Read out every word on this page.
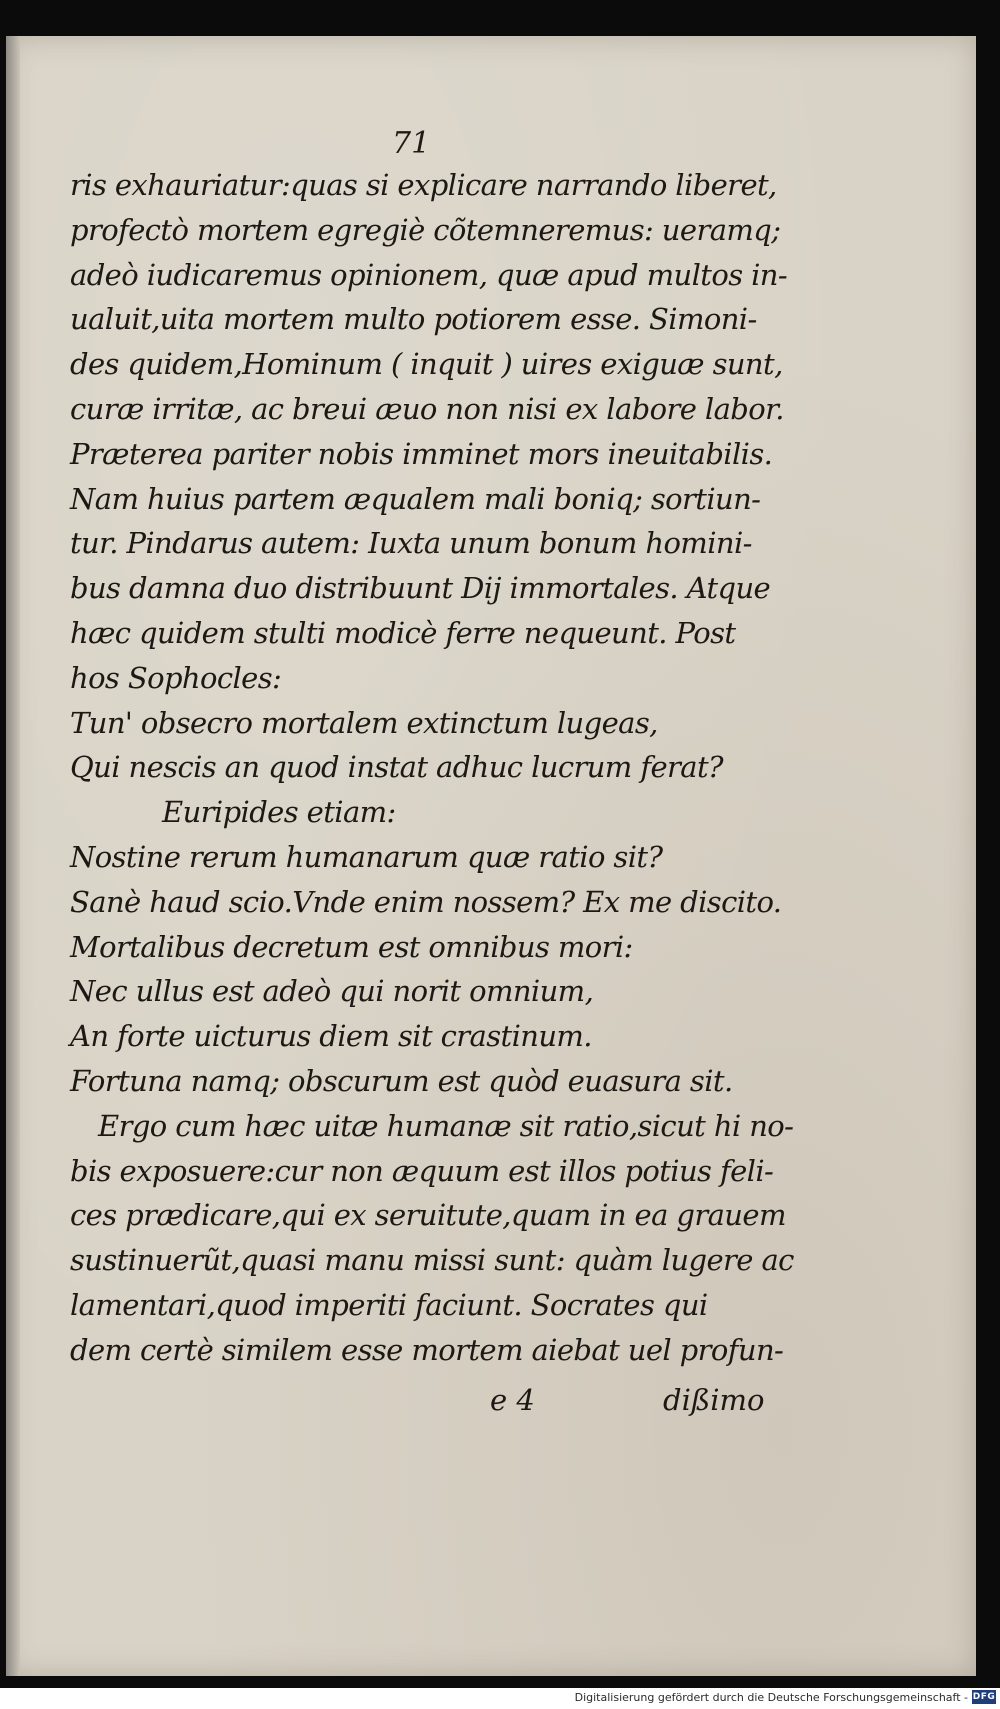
71
ris exhauriatur:quas si explicare narrando liberet,
profectò mortem egregiè cõtemneremus: ueramq;
adeò iudicaremus opinionem, quæ apud multos in-
ualuit,uita mortem multo potiorem esse. Simoni-
des quidem,Hominum ( inquit ) uires exiguæ sunt,
curæ irritæ, ac breui æuo non nisi ex labore labor.
Præterea pariter nobis imminet mors ineuitabilis.
Nam huius partem æqualem mali boniq; sortiun-
tur. Pindarus autem: Iuxta unum bonum homini-
bus damna duo distribuunt Dij immortales. Atque
hæc quidem stulti modicè ferre nequeunt. Post
hos Sophocles:
Tun' obsecro mortalem extinctum lugeas,
Qui nescis an quod instat adhuc lucrum ferat?
Euripides etiam:
Nostine rerum humanarum quæ ratio sit?
Sanè haud scio.Vnde enim nossem? Ex me discito.
Mortalibus decretum est omnibus mori:
Nec ullus est adeò qui norit omnium,
An forte uicturus diem sit crastinum.
Fortuna namq; obscurum est quòd euasura sit.
Ergo cum hæc uitæ humanæ sit ratio,sicut hi no-
bis exposuere:cur non æquum est illos potius feli-
ces prædicare,qui ex seruitute,quam in ea grauem
sustinuerũt,quasi manu missi sunt: quàm lugere ac
lamentari,quod imperiti faciunt. Socrates qui
dem certè similem esse mortem aiebat uel profun-
e 4	dißimo
Digitalisierung gefördert durch die Deutsche Forschungsgemeinschaft - DFG
